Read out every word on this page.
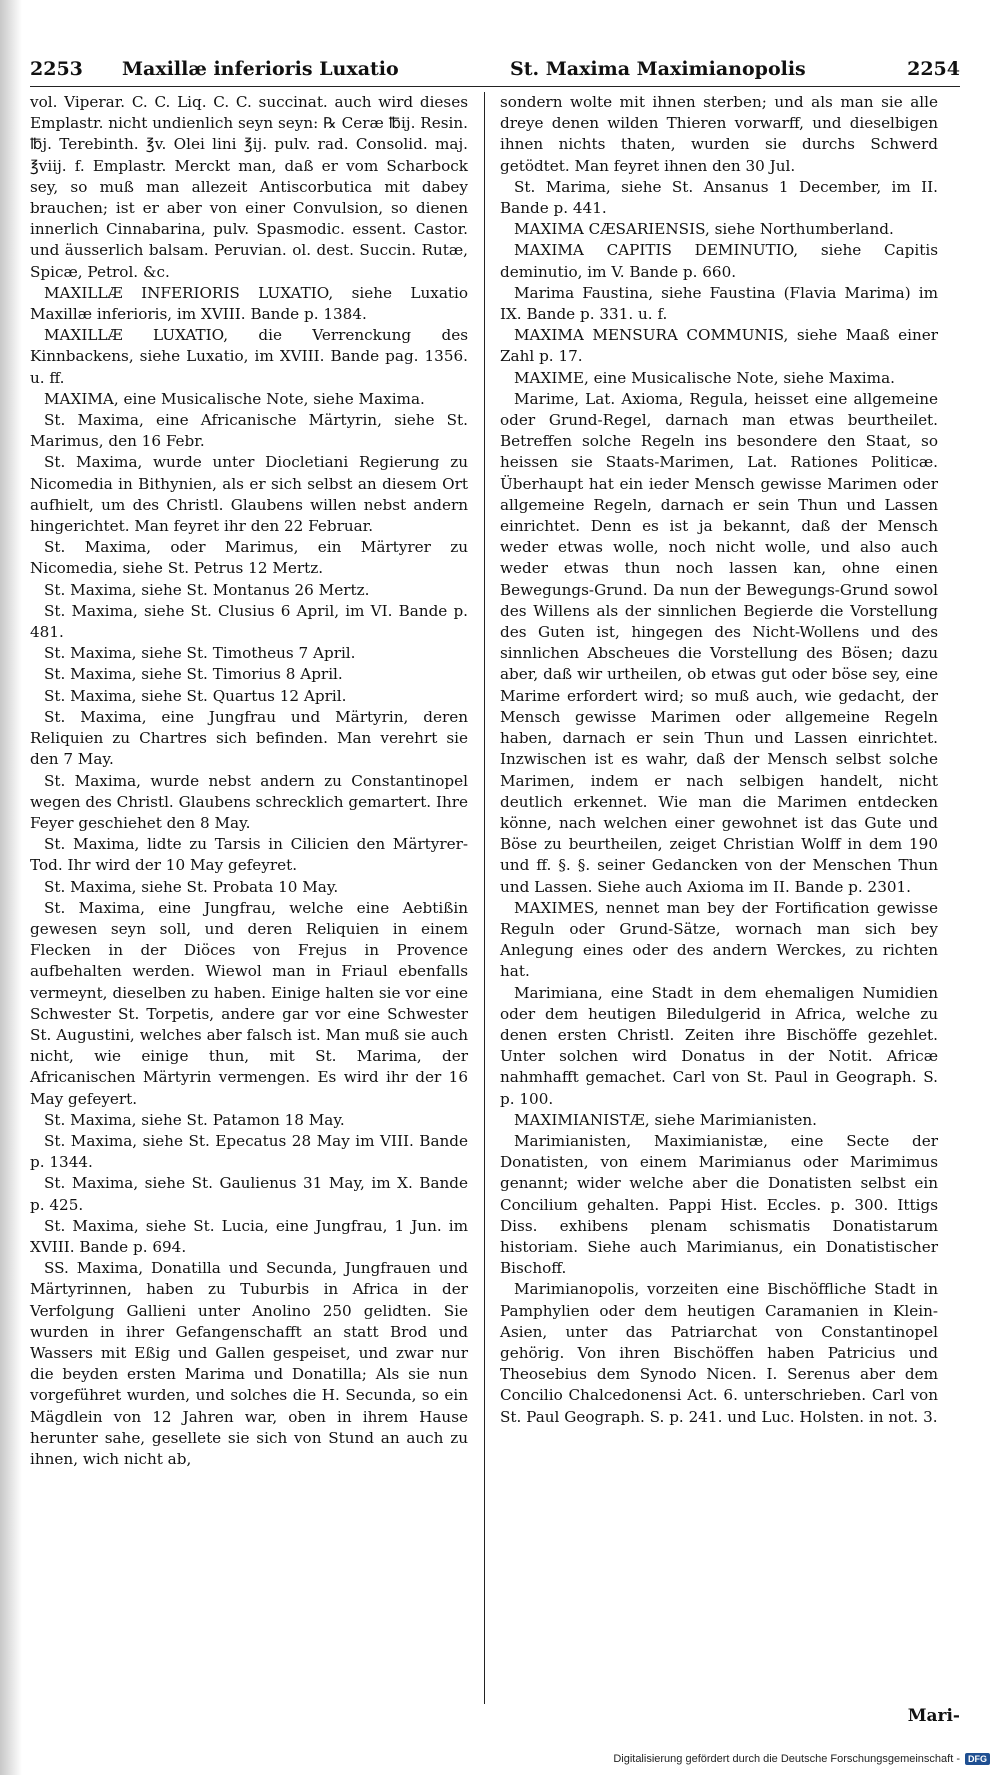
2253 Maxillæ inferioris Luxatio	St. Maxima Maximianopolis	2254

vol. Viperar. C. C. Liq. C. C. succinat. auch wird dieses Emplastr. nicht undienlich seyn seyn: ℞ Ceræ ℔ij. Resin. ℔j. Terebinth. ℥v. Olei lini ℥ij. pulv. rad. Consolid. maj. ℥viij. f. Emplastr. Merckt man, daß er vom Scharbock sey, so muß man allezeit Antiscorbutica mit dabey brauchen; ist er aber von einer Convulsion, so dienen innerlich Cinnabarina, pulv. Spasmodic. essent. Castor. und äusserlich balsam. Peruvian. ol. dest. Succin. Rutæ, Spicæ, Petrol. &c.

MAXILLÆ INFERIORIS LUXATIO, siehe Luxatio Maxillæ inferioris, im XVIII. Bande p. 1384.

MAXILLÆ LUXATIO, die Verrenckung des Kinnbackens, siehe Luxatio, im XVIII. Bande pag. 1356. u. ff.

MAXIMA, eine Musicalische Note, siehe Maxima.

St. Maxima, eine Africanische Märtyrin, siehe St. Marimus, den 16 Febr.

St. Maxima, wurde unter Diocletiani Regierung zu Nicomedia in Bithynien, als er sich selbst an diesem Ort aufhielt, um des Christl. Glaubens willen nebst andern hingerichtet. Man feyret ihr den 22 Februar.

St. Maxima, oder Marimus, ein Märtyrer zu Nicomedia, siehe St. Petrus 12 Mertz.

St. Maxima, siehe St. Montanus 26 Mertz.

St. Maxima, siehe St. Clusius 6 April, im VI. Bande p. 481.

St. Maxima, siehe St. Timotheus 7 April.

St. Maxima, siehe St. Timorius 8 April.

St. Maxima, siehe St. Quartus 12 April.

St. Maxima, eine Jungfrau und Märtyrin, deren Reliquien zu Chartres sich befinden. Man verehrt sie den 7 May.

St. Maxima, wurde nebst andern zu Constantinopel wegen des Christl. Glaubens schrecklich gemartert. Ihre Feyer geschiehet den 8 May.

St. Maxima, lidte zu Tarsis in Cilicien den Märtyrer-Tod. Ihr wird der 10 May gefeyret.

St. Maxima, siehe St. Probata 10 May.

St. Maxima, eine Jungfrau, welche eine Aebtißin gewesen seyn soll, und deren Reliquien in einem Flecken in der Diöces von Frejus in Provence aufbehalten werden. Wiewol man in Friaul ebenfalls vermeynt, dieselben zu haben. Einige halten sie vor eine Schwester St. Torpetis, andere gar vor eine Schwester St. Augustini, welches aber falsch ist. Man muß sie auch nicht, wie einige thun, mit St. Marima, der Africanischen Märtyrin vermengen. Es wird ihr der 16 May gefeyert.

St. Maxima, siehe St. Patamon 18 May.

St. Maxima, siehe St. Epecatus 28 May im VIII. Bande p. 1344.

St. Maxima, siehe St. Gaulienus 31 May, im X. Bande p. 425.

St. Maxima, siehe St. Lucia, eine Jungfrau, 1 Jun. im XVIII. Bande p. 694.

SS. Maxima, Donatilla und Secunda, Jungfrauen und Märtyrinnen, haben zu Tuburbis in Africa in der Verfolgung Gallieni unter Anolino 250 gelidten. Sie wurden in ihrer Gefangenschafft an statt Brod und Wassers mit Eßig und Gallen gespeiset, und zwar nur die beyden ersten Marima und Donatilla; Als sie nun vorgeführet wurden, und solches die H. Secunda, so ein Mägdlein von 12 Jahren war, oben in ihrem Hause herunter sahe, gesellete sie sich von Stund an auch zu ihnen, wich nicht ab,

sondern wolte mit ihnen sterben; und als man sie alle dreye denen wilden Thieren vorwarff, und dieselbigen ihnen nichts thaten, wurden sie durchs Schwerd getödtet. Man feyret ihnen den 30 Jul.

St. Marima, siehe St. Ansanus 1 December, im II. Bande p. 441.

MAXIMA CÆSARIENSIS, siehe Northumberland.

MAXIMA CAPITIS DEMINUTIO, siehe Capitis deminutio, im V. Bande p. 660.

Marima Faustina, siehe Faustina (Flavia Marima) im IX. Bande p. 331. u. f.

MAXIMA MENSURA COMMUNIS, siehe Maaß einer Zahl p. 17.

MAXIME, eine Musicalische Note, siehe Maxima.

Marime, Lat. Axioma, Regula, heisset eine allgemeine oder Grund-Regel, darnach man etwas beurtheilet. Betreffen solche Regeln ins besondere den Staat, so heissen sie Staats-Marimen, Lat. Rationes Politicæ. Überhaupt hat ein ieder Mensch gewisse Marimen oder allgemeine Regeln, darnach er sein Thun und Lassen einrichtet. Denn es ist ja bekannt, daß der Mensch weder etwas wolle, noch nicht wolle, und also auch weder etwas thun noch lassen kan, ohne einen Bewegungs-Grund. Da nun der Bewegungs-Grund sowol des Willens als der sinnlichen Begierde die Vorstellung des Guten ist, hingegen des Nicht-Wollens und des sinnlichen Abscheues die Vorstellung des Bösen; dazu aber, daß wir urtheilen, ob etwas gut oder böse sey, eine Marime erfordert wird; so muß auch, wie gedacht, der Mensch gewisse Marimen oder allgemeine Regeln haben, darnach er sein Thun und Lassen einrichtet. Inzwischen ist es wahr, daß der Mensch selbst solche Marimen, indem er nach selbigen handelt, nicht deutlich erkennet. Wie man die Marimen entdecken könne, nach welchen einer gewohnet ist das Gute und Böse zu beurtheilen, zeiget Christian Wolff in dem 190 und ff. §. §. seiner Gedancken von der Menschen Thun und Lassen. Siehe auch Axioma im II. Bande p. 2301.

MAXIMES, nennet man bey der Fortification gewisse Reguln oder Grund-Sätze, wornach man sich bey Anlegung eines oder des andern Werckes, zu richten hat.

Marimiana, eine Stadt in dem ehemaligen Numidien oder dem heutigen Biledulgerid in Africa, welche zu denen ersten Christl. Zeiten ihre Bischöffe gezehlet. Unter solchen wird Donatus in der Notit. Africæ nahmhafft gemachet. Carl von St. Paul in Geograph. S. p. 100.

MAXIMIANISTÆ, siehe Marimianisten.

Marimianisten, Maximianistæ, eine Secte der Donatisten, von einem Marimianus oder Marimimus genannt; wider welche aber die Donatisten selbst ein Concilium gehalten. Pappi Hist. Eccles. p. 300. Ittigs Diss. exhibens plenam schismatis Donatistarum historiam. Siehe auch Marimianus, ein Donatistischer Bischoff.

Marimianopolis, vorzeiten eine Bischöffliche Stadt in Pamphylien oder dem heutigen Caramanien in Klein-Asien, unter das Patriarchat von Constantinopel gehörig. Von ihren Bischöffen haben Patricius und Theosebius dem Synodo Nicen. I. Serenus aber dem Concilio Chalcedonensi Act. 6. unterschrieben. Carl von St. Paul Geograph. S. p. 241. und Luc. Holsten. in not. 3.

Mari-
Digitalisierung gefördert durch die Deutsche Forschungsgemeinschaft - DFG
